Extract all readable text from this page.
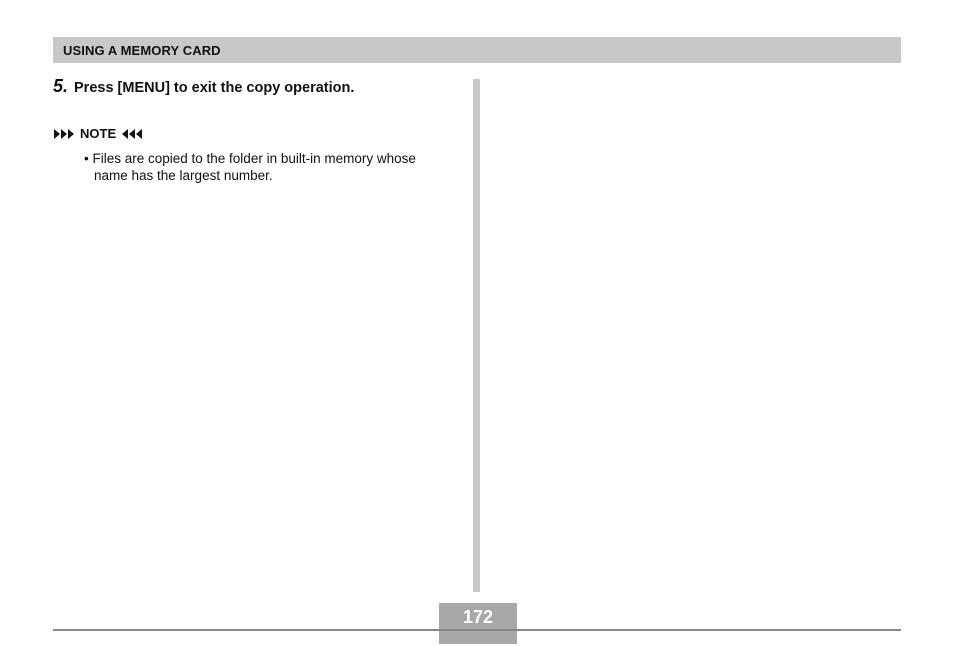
USING A MEMORY CARD
5. Press [MENU] to exit the copy operation.
NOTE
• Files are copied to the folder in built-in memory whose name has the largest number.
172
